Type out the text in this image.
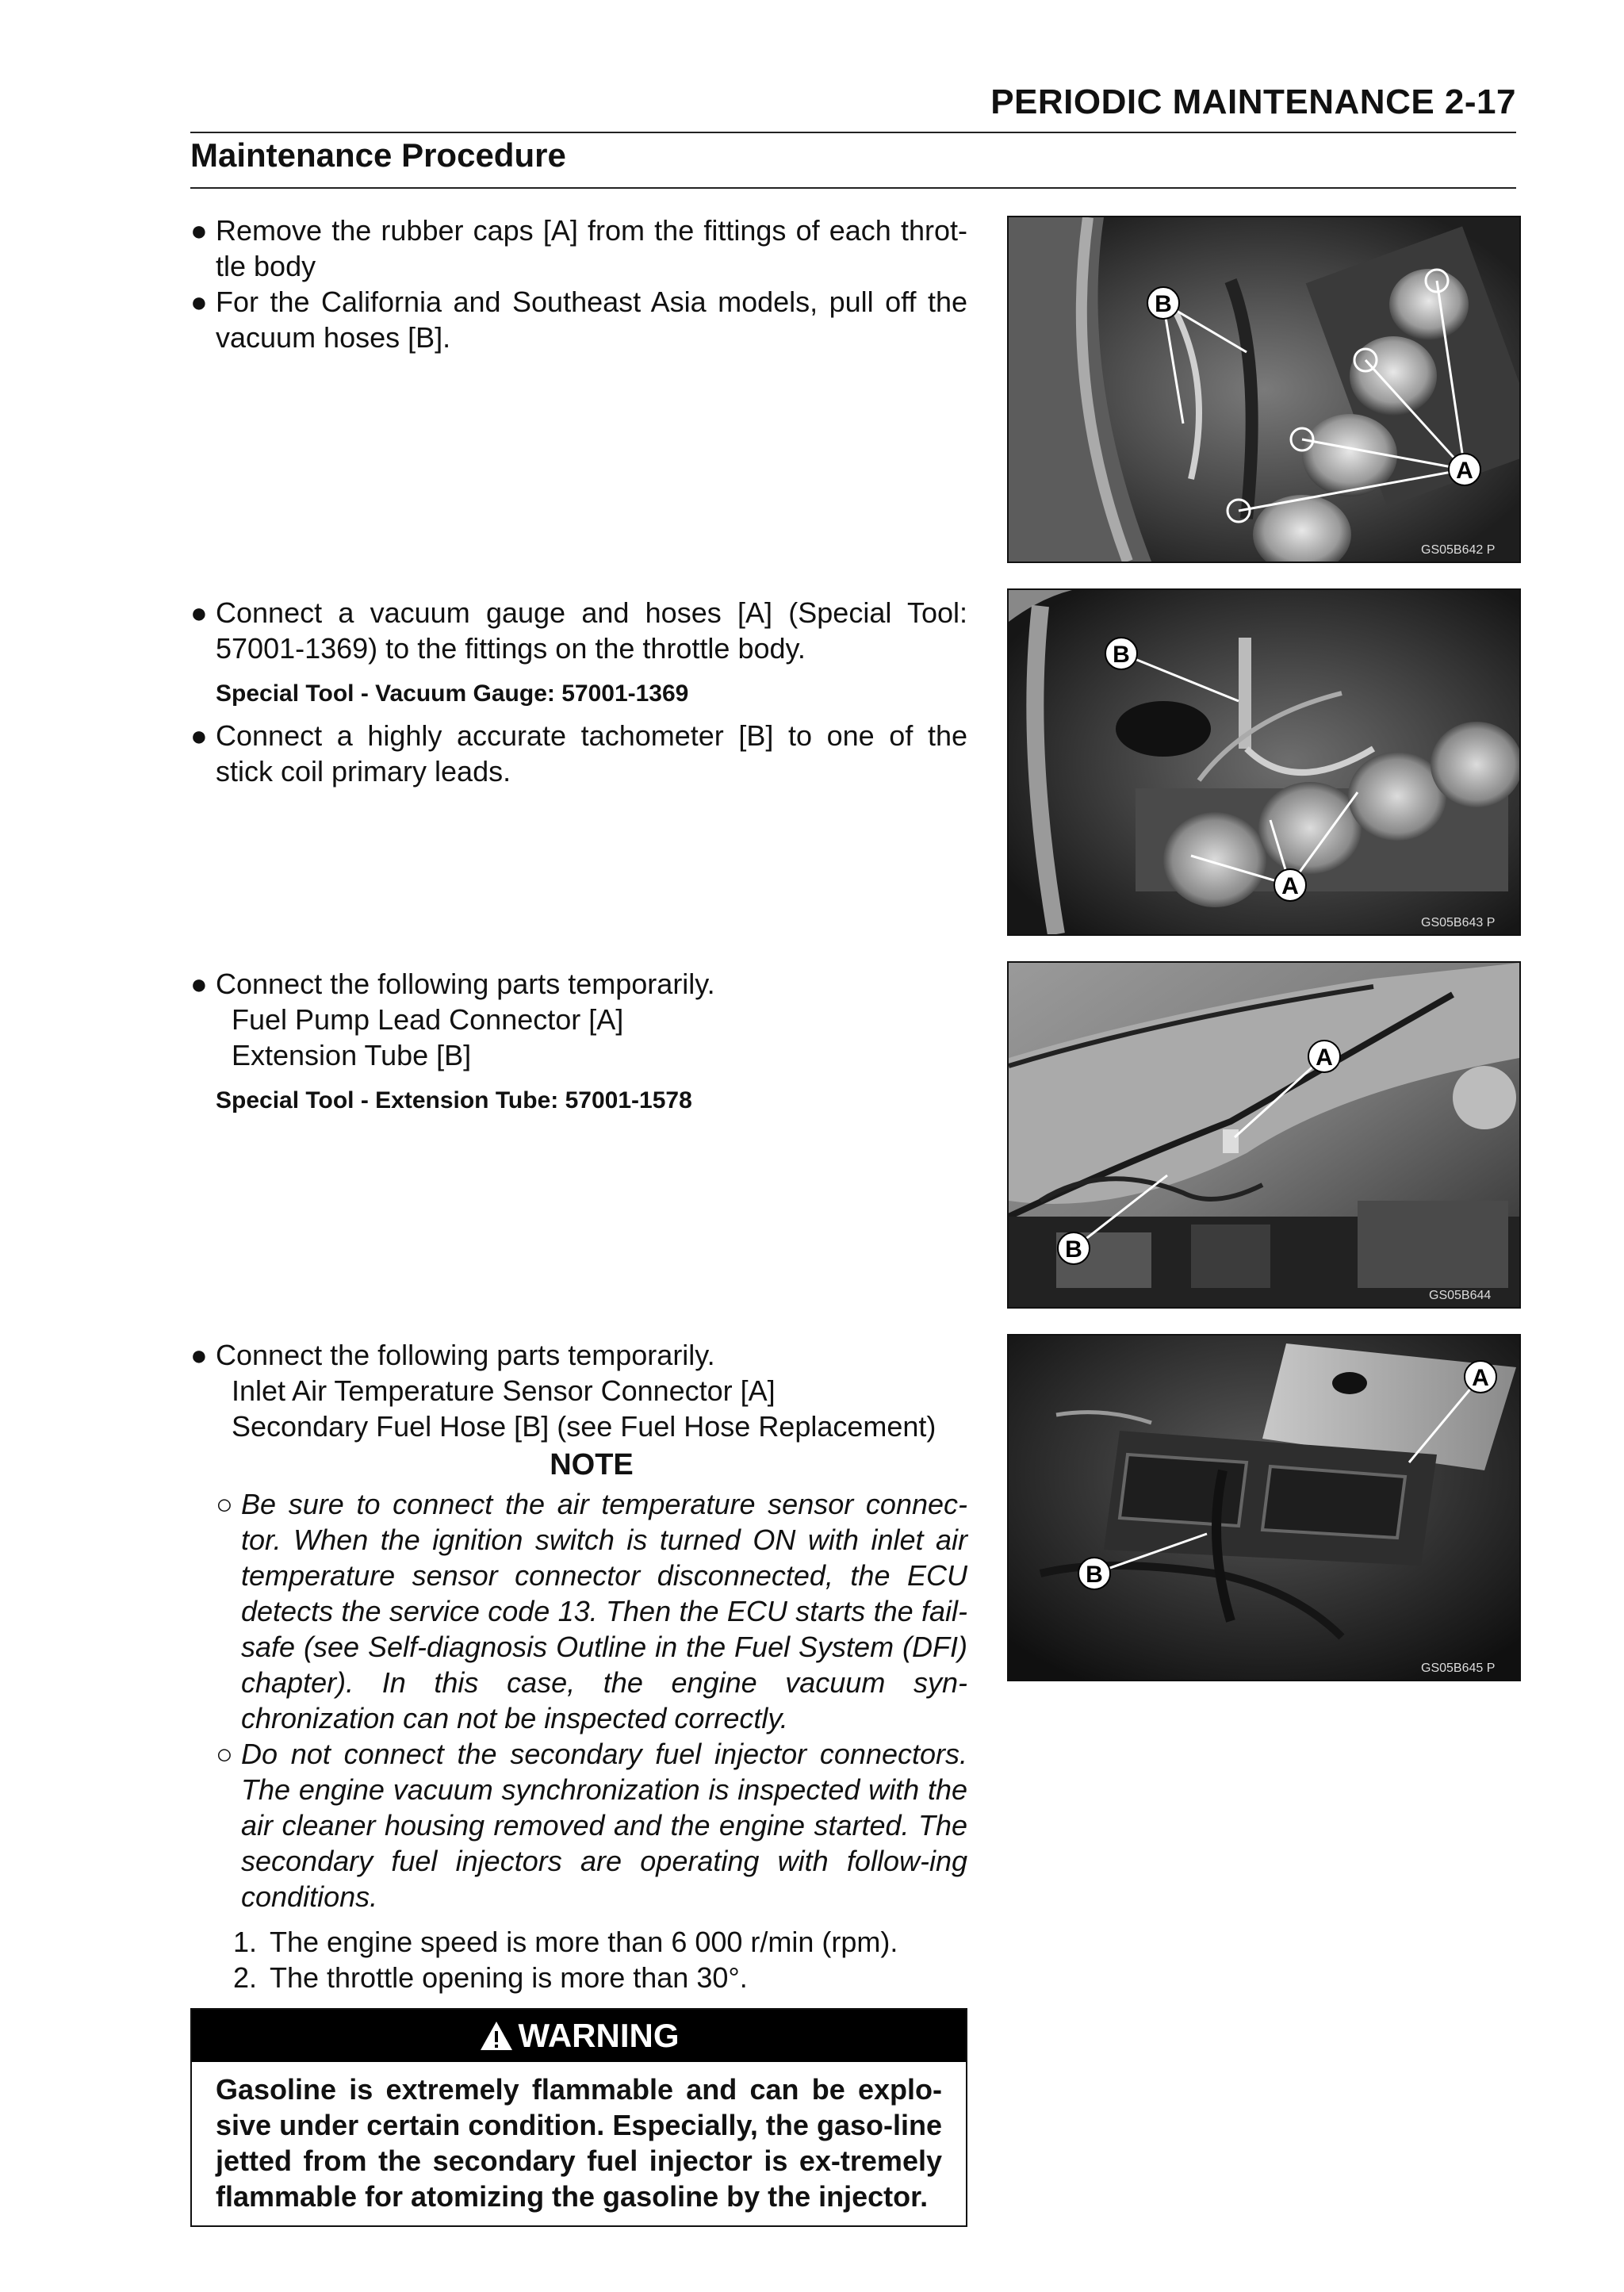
PERIODIC MAINTENANCE 2-17
Maintenance Procedure
● Remove the rubber caps [A] from the fittings of each throt-tle body
● For the California and Southeast Asia models, pull off the vacuum hoses [B].
● Connect a vacuum gauge and hoses [A] (Special Tool: 57001-1369) to the fittings on the throttle body.
Special Tool - Vacuum Gauge: 57001-1369
● Connect a highly accurate tachometer [B] to one of the stick coil primary leads.
● Connect the following parts temporarily.
Fuel Pump Lead Connector [A]
Extension Tube [B]
Special Tool - Extension Tube: 57001-1578
● Connect the following parts temporarily.
Inlet Air Temperature Sensor Connector [A]
Secondary Fuel Hose [B] (see Fuel Hose Replacement)
NOTE
○ Be sure to connect the air temperature sensor connec-tor. When the ignition switch is turned ON with inlet air temperature sensor connector disconnected, the ECU detects the service code 13. Then the ECU starts the fail-safe (see Self-diagnosis Outline in the Fuel System (DFI) chapter). In this case, the engine vacuum syn-chronization can not be inspected correctly.
○ Do not connect the secondary fuel injector connectors. The engine vacuum synchronization is inspected with the air cleaner housing removed and the engine started. The secondary fuel injectors are operating with follow-ing conditions.
1. The engine speed is more than 6 000 r/min (rpm).
2. The throttle opening is more than 30°.
WARNING
Gasoline is extremely flammable and can be explo-sive under certain condition. Especially, the gaso-line jetted from the secondary fuel injector is ex-tremely flammable for atomizing the gasoline by the injector.
B
A
GS05B642 P
B
A
GS05B643 P
A
B
GS05B644
A
B
GS05B645 P
